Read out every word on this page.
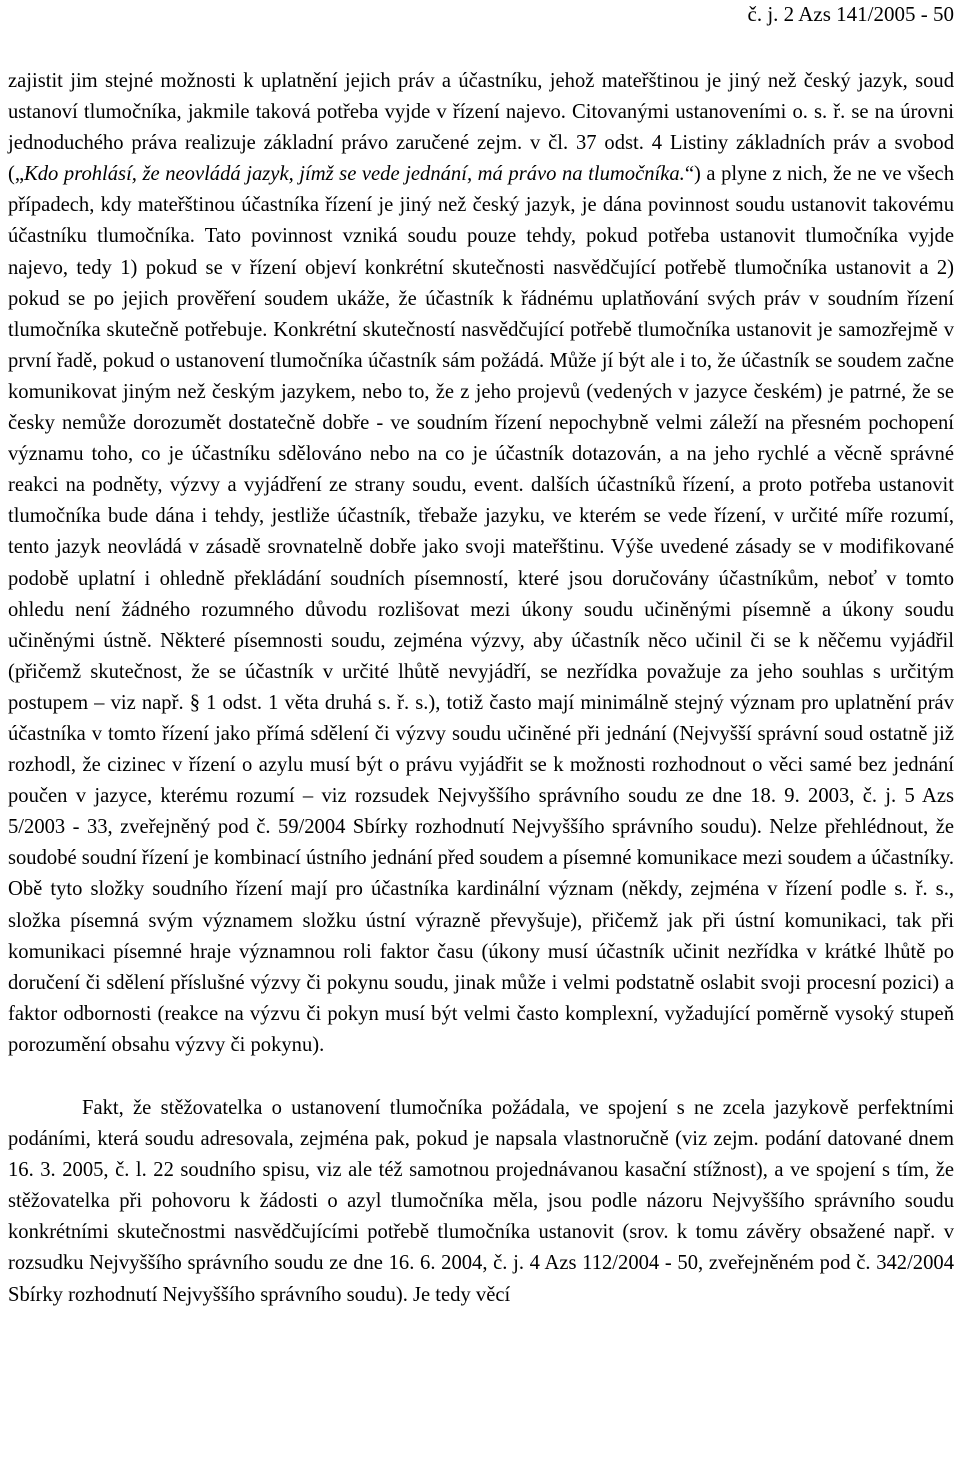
č. j. 2 Azs 141/2005 - 50

zajistit jim stejné možnosti k uplatnění jejich práv a účastníku, jehož mateřštinou je jiný než český jazyk, soud ustanoví tlumočníka, jakmile taková potřeba vyjde v řízení najevo. Citovanými ustanoveními o. s. ř. se na úrovni jednoduchého práva realizuje základní právo zaručené zejm. v čl. 37 odst. 4 Listiny základních práv a svobod („Kdo prohlásí, že neovládá jazyk, jímž se vede jednání, má právo na tlumočníka.“) a plyne z nich, že ne ve všech případech, kdy mateřštinou účastníka řízení je jiný než český jazyk, je dána povinnost soudu ustanovit takovému účastníku tlumočníka. Tato povinnost vzniká soudu pouze tehdy, pokud potřeba ustanovit tlumočníka vyjde najevo, tedy 1) pokud se v řízení objeví konkrétní skutečnosti nasvědčující potřebě tlumočníka ustanovit a 2) pokud se po jejich prověření soudem ukáže, že účastník k řádnému uplatňování svých práv v soudním řízení tlumočníka skutečně potřebuje. Konkrétní skutečností nasvědčující potřebě tlumočníka ustanovit je samozřejmě v první řadě, pokud o ustanovení tlumočníka účastník sám požádá. Může jí být ale i to, že účastník se soudem začne komunikovat jiným než českým jazykem, nebo to, že z jeho projevů (vedených v jazyce českém) je patrné, že se česky nemůže dorozumět dostatečně dobře - ve soudním řízení nepochybně velmi záleží na přesném pochopení významu toho, co je účastníku sdělováno nebo na co je účastník dotazován, a na jeho rychlé a věcně správné reakci na podněty, výzvy a vyjádření ze strany soudu, event. dalších účastníků řízení, a proto potřeba ustanovit tlumočníka bude dána i tehdy, jestliže účastník, třebaže jazyku, ve kterém se vede řízení, v určité míře rozumí, tento jazyk neovládá v zásadě srovnatelně dobře jako svoji mateřštinu. Výše uvedené zásady se v modifikované podobě uplatní i ohledně překládání soudních písemností, které jsou doručovány účastníkům, neboť v tomto ohledu není žádného rozumného důvodu rozlišovat mezi úkony soudu učiněnými písemně a úkony soudu učiněnými ústně. Některé písemnosti soudu, zejména výzvy, aby účastník něco učinil či se k něčemu vyjádřil (přičemž skutečnost, že se účastník v určité lhůtě nevyjádří, se nezřídka považuje za jeho souhlas s určitým postupem – viz např. § 1 odst. 1 věta druhá s. ř. s.), totiž často mají minimálně stejný význam pro uplatnění práv účastníka v tomto řízení jako přímá sdělení či výzvy soudu učiněné při jednání (Nejvyšší správní soud ostatně již rozhodl, že cizinec v řízení o azylu musí být o právu vyjádřit se k možnosti rozhodnout o věci samé bez jednání poučen v jazyce, kterému rozumí – viz rozsudek Nejvyššího správního soudu ze dne 18. 9. 2003, č. j. 5 Azs 5/2003 - 33, zveřejněný pod č. 59/2004 Sbírky rozhodnutí Nejvyššího správního soudu). Nelze přehlédnout, že soudobé soudní řízení je kombinací ústního jednání před soudem a písemné komunikace mezi soudem a účastníky. Obě tyto složky soudního řízení mají pro účastníka kardinální význam (někdy, zejména v řízení podle s. ř. s., složka písemná svým významem složku ústní výrazně převyšuje), přičemž jak při ústní komunikaci, tak při komunikaci písemné hraje významnou roli faktor času (úkony musí účastník učinit nezřídka v krátké lhůtě po doručení či sdělení příslušné výzvy či pokynu soudu, jinak může i velmi podstatně oslabit svoji procesní pozici) a faktor odbornosti (reakce na výzvu či pokyn musí být velmi často komplexní, vyžadující poměrně vysoký stupeň porozumění obsahu výzvy či pokynu).

Fakt, že stěžovatelka o ustanovení tlumočníka požádala, ve spojení s ne zcela jazykově perfektními podáními, která soudu adresovala, zejména pak, pokud je napsala vlastnoručně (viz zejm. podání datované dnem 16. 3. 2005, č. l. 22 soudního spisu, viz ale též samotnou projednávanou kasační stížnost), a ve spojení s tím, že stěžovatelka při pohovoru k žádosti o azyl tlumočníka měla, jsou podle názoru Nejvyššího správního soudu konkrétními skutečnostmi nasvědčujícími potřebě tlumočníka ustanovit (srov. k tomu závěry obsažené např. v rozsudku Nejvyššího správního soudu ze dne 16. 6. 2004, č. j. 4 Azs 112/2004 - 50, zveřejněném pod č. 342/2004 Sbírky rozhodnutí Nejvyššího správního soudu). Je tedy věcí
